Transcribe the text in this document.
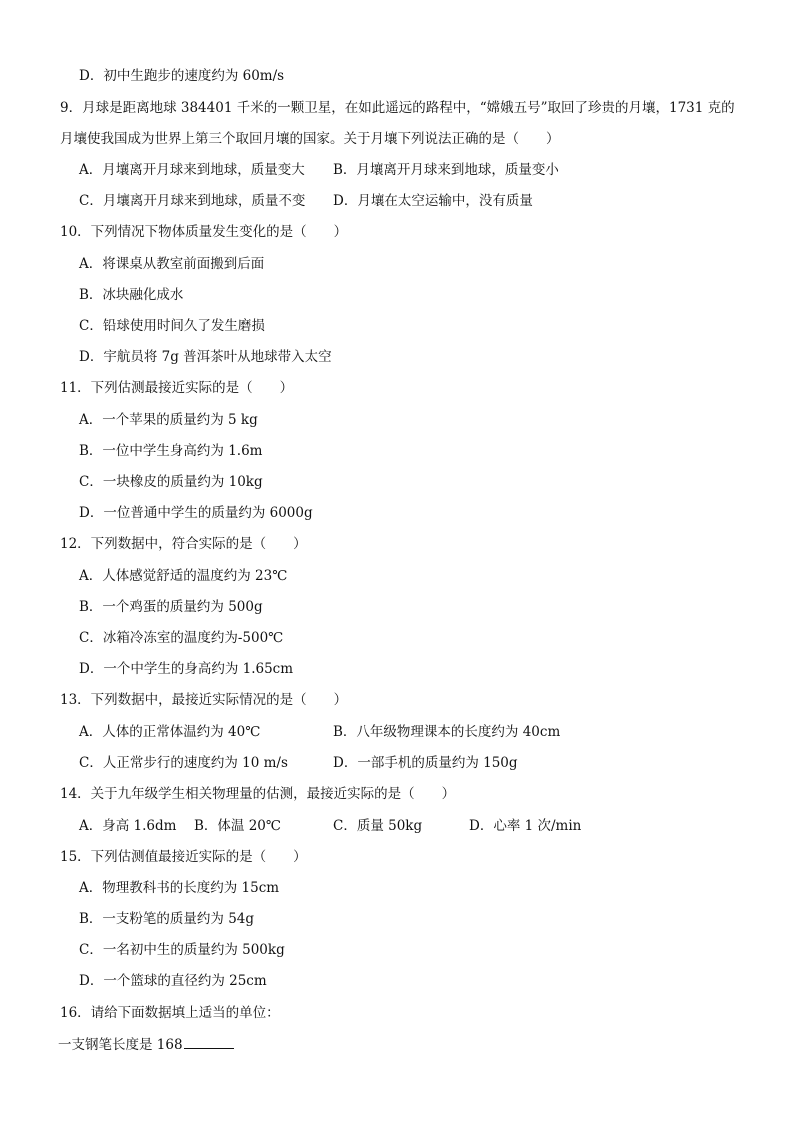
D．初中生跑步的速度约为 60m/s
9．月球是距离地球 384401 千米的一颗卫星，在如此遥远的路程中，“嫦娥五号”取回了珍贵的月壤，1731 克的
月壤使我国成为世界上第三个取回月壤的国家。关于月壤下列说法正确的是（　　）
A．月壤离开月球来到地球，质量变大 B．月壤离开月球来到地球，质量变小
C．月壤离开月球来到地球，质量不变 D．月壤在太空运输中，没有质量
10．下列情况下物体质量发生变化的是（　　）
A．将课桌从教室前面搬到后面
B．冰块融化成水
C．铅球使用时间久了发生磨损
D．宇航员将 7g 普洱茶叶从地球带入太空
11．下列估测最接近实际的是（　　）
A．一个苹果的质量约为 5 kg
B．一位中学生身高约为 1.6m
C．一块橡皮的质量约为 10kg
D．一位普通中学生的质量约为 6000g
12．下列数据中，符合实际的是（　　）
A．人体感觉舒适的温度约为 23℃
B．一个鸡蛋的质量约为 500g
C．冰箱冷冻室的温度约为-500℃
D．一个中学生的身高约为 1.65cm
13．下列数据中，最接近实际情况的是（　　）
A．人体的正常体温约为 40℃	B．八年级物理课本的长度约为 40cm
C．人正常步行的速度约为 10 m/s	D．一部手机的质量约为 150g
14．关于九年级学生相关物理量的估测，最接近实际的是（　　）
A．身高 1.6dm B．体温 20℃	C．质量 50kg	D．心率 1 次/min
15．下列估测值最接近实际的是（　　）
A．物理教科书的长度约为 15cm
B．一支粉笔的质量约为 54g
C．一名初中生的质量约为 500kg
D．一个篮球的直径约为 25cm
16．请给下面数据填上适当的单位：
一支钢笔长度是 168
